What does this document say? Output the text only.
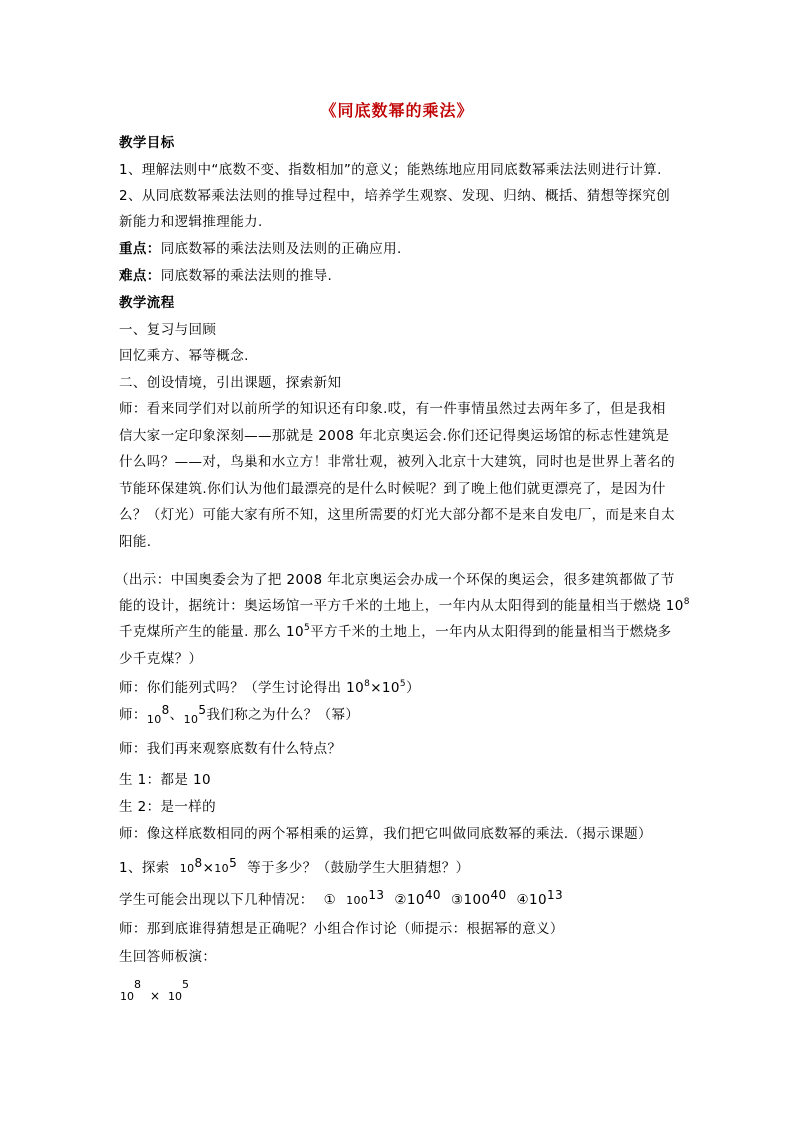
《同底数幂的乘法》
教学目标
1、理解法则中“底数不变、指数相加”的意义；能熟练地应用同底数幂乘法法则进行计算.
2、从同底数幂乘法法则的推导过程中，培养学生观察、发现、归纳、概括、猜想等探究创
新能力和逻辑推理能力.
重点：同底数幂的乘法法则及法则的正确应用.
难点：同底数幂的乘法法则的推导.
教学流程
一、复习与回顾
回忆乘方、幂等概念.
二、创设情境，引出课题，探索新知
师：看来同学们对以前所学的知识还有印象.哎，有一件事情虽然过去两年多了，但是我相
信大家一定印象深刻——那就是 2008 年北京奥运会.你们还记得奥运场馆的标志性建筑是
什么吗？——对，鸟巢和水立方！非常壮观，被列入北京十大建筑，同时也是世界上著名的
节能环保建筑.你们认为他们最漂亮的是什么时候呢？到了晚上他们就更漂亮了，是因为什
么？（灯光）可能大家有所不知，这里所需要的灯光大部分都不是来自发电厂，而是来自太
阳能.
（出示：中国奥委会为了把 2008 年北京奥运会办成一个环保的奥运会，很多建筑都做了节
能的设计，据统计：奥运场馆一平方千米的土地上，一年内从太阳得到的能量相当于燃烧 $10^8$
千克煤所产生的能量. 那么 $10^5$平方千米的土地上，一年内从太阳得到的能量相当于燃烧多
少千克煤？）
师：你们能列式吗？（学生讨论得出 $10^8\times 10^5$）
师：$_{10}^8$、$_{10}^5$我们称之为什么？（幂）
师：我们再来观察底数有什么特点？
生 1：都是 10
生 2：是一样的
师：像这样底数相同的两个幂相乘的运算，我们把它叫做同底数幂的乘法.（揭示课题）
1、探索 $10^8\times 10^5$ 等于多少？（鼓励学生大胆猜想？）
学生可能会出现以下几种情况： ① $100^{13}$ $②10^{40}$ $③100^{40}$ $④10^{13}$
师：那到底谁得猜想是正确呢？小组合作讨论（师提示：根据幂的意义）
生回答师板演：
8	5
10 × 10
